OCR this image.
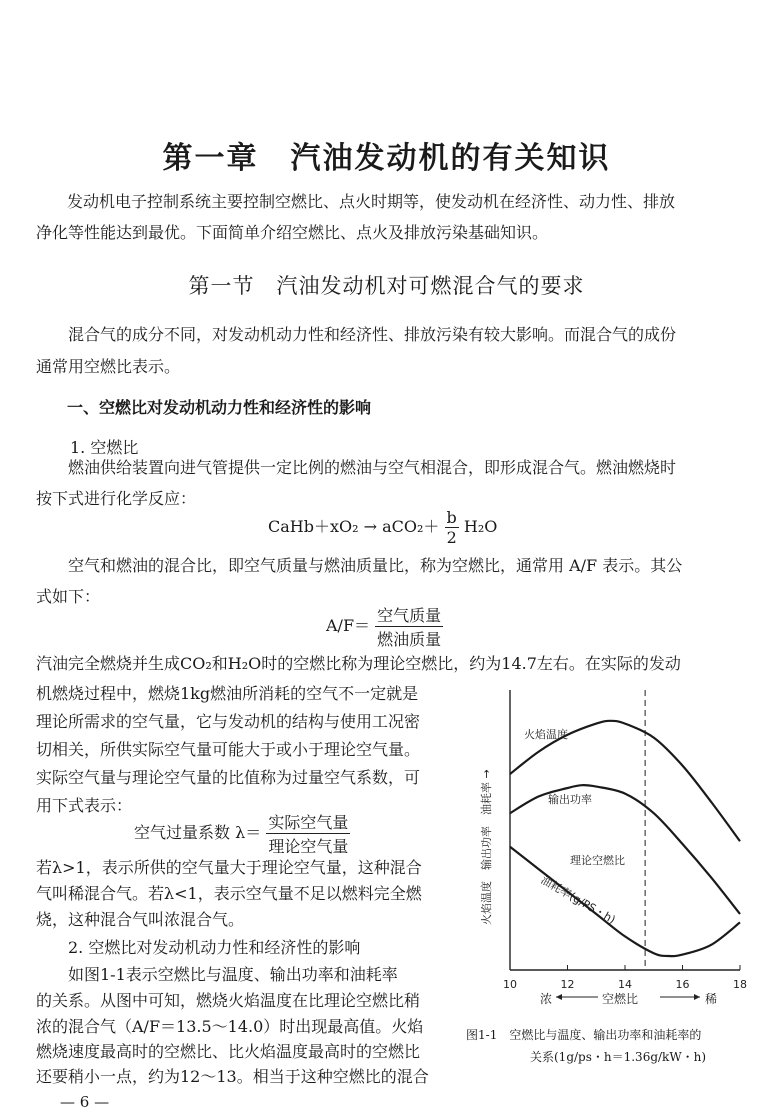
第一章　汽油发动机的有关知识
发动机电子控制系统主要控制空燃比、点火时期等，使发动机在经济性、动力性、排放
净化等性能达到最优。下面简单介绍空燃比、点火及排放污染基础知识。
第一节　汽油发动机对可燃混合气的要求
混合气的成分不同，对发动机动力性和经济性、排放污染有较大影响。而混合气的成份
通常用空燃比表示。
一、空燃比对发动机动力性和经济性的影响
1. 空燃比
燃油供给装置向进气管提供一定比例的燃油与空气相混合，即形成混合气。燃油燃烧时
按下式进行化学反应：
CaHb＋xO₂ → $aCO_2+ \frac{b}{2} H_2O$
空气和燃油的混合比，即空气质量与燃油质量比，称为空燃比，通常用 A/F 表示。其公
式如下：
$A/F= \frac{\text{空气质量}}{\text{燃油质量}}$
汽油完全燃烧并生成CO₂和H₂O时的空燃比称为理论空燃比，约为14.7左右。在实际的发动
机燃烧过程中，燃烧1kg燃油所消耗的空气不一定就是
理论所需求的空气量，它与发动机的结构与使用工况密
切相关，所供实际空气量可能大于或小于理论空气量。
实际空气量与理论空气量的比值称为过量空气系数，可
用下式表示：
空气过量系数 $\lambda= \frac{\text{实际空气量}}{\text{理论空气量}}$
若λ>1，表示所供的空气量大于理论空气量，这种混合
气叫稀混合气。若λ<1，表示空气量不足以燃料完全燃
烧，这种混合气叫浓混合气。
2. 空燃比对发动机动力性和经济性的影响
如图1-1表示空燃比与温度、输出功率和油耗率
的关系。从图中可知，燃烧火焰温度在比理论空燃比稍
浓的混合气（A/F＝13.5～14.0）时出现最高值。火焰
燃烧速度最高时的空燃比、比火焰温度最高时的空燃比
还要稍小一点，约为12～13。相当于这种空燃比的混合
10	12	14	16	18
火焰温度
输出功率
理论空燃比
油耗率(g/PS・h)
火焰温度　输出功率　油耗率 →
浓	空燃比	稀
图1-1　空燃比与温度、输出功率和油耗率的
关系(1g/ps・h＝1.36g/kW・h)
— 6 —
